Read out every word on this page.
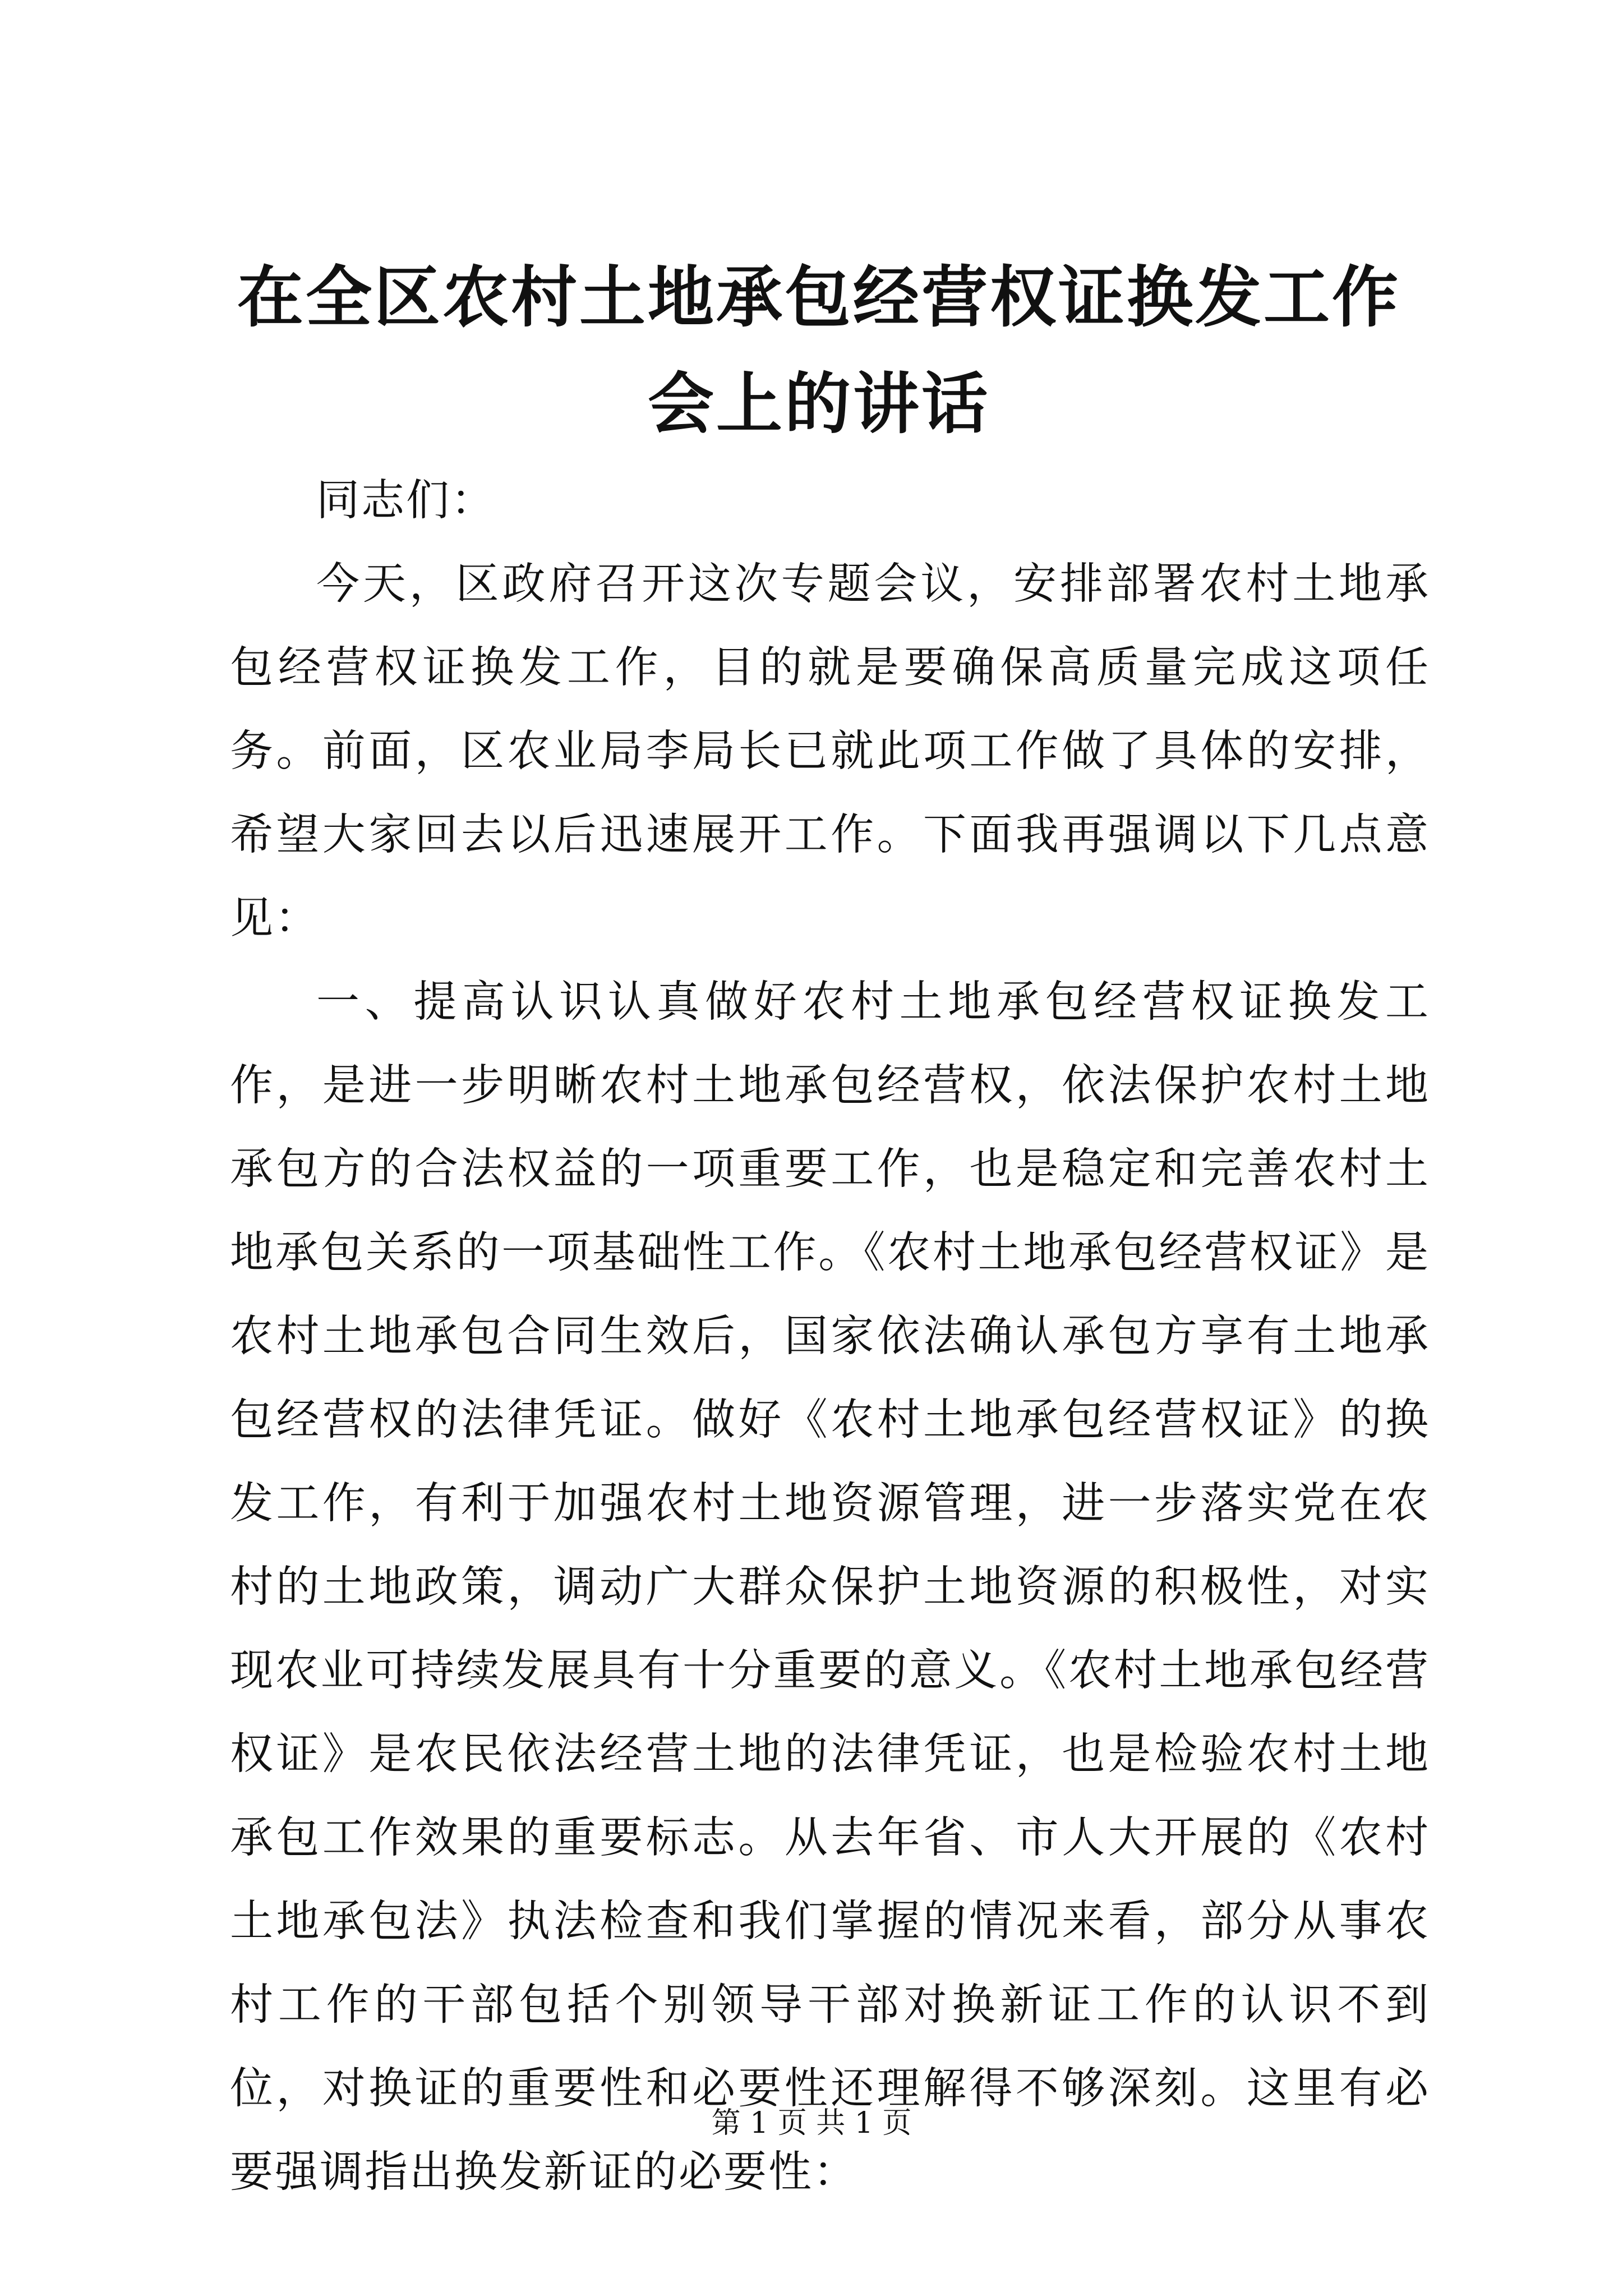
在全区农村土地承包经营权证换发工作会上的讲话

同志们：

今天，区政府召开这次专题会议，安排部署农村土地承包经营权证换发工作，目的就是要确保高质量完成这项任务。前面，区农业局李局长已就此项工作做了具体的安排，希望大家回去以后迅速展开工作。下面我再强调以下几点意见：

一、提高认识认真做好农村土地承包经营权证换发工作，是进一步明晰农村土地承包经营权，依法保护农村土地承包方的合法权益的一项重要工作，也是稳定和完善农村土地承包关系的一项基础性工作。《农村土地承包经营权证》是农村土地承包合同生效后，国家依法确认承包方享有土地承包经营权的法律凭证。做好《农村土地承包经营权证》的换发工作，有利于加强农村土地资源管理，进一步落实党在农村的土地政策，调动广大群众保护土地资源的积极性，对实现农业可持续发展具有十分重要的意义。《农村土地承包经营权证》是农民依法经营土地的法律凭证，也是检验农村土地承包工作效果的重要标志。从去年省、市人大开展的《农村土地承包法》执法检查和我们掌握的情况来看，部分从事农村工作的干部包括个别领导干部对换新证工作的认识不到位，对换证的重要性和必要性还理解得不够深刻。这里有必要强调指出换发新证的必要性：

第 1 页 共 1 页
